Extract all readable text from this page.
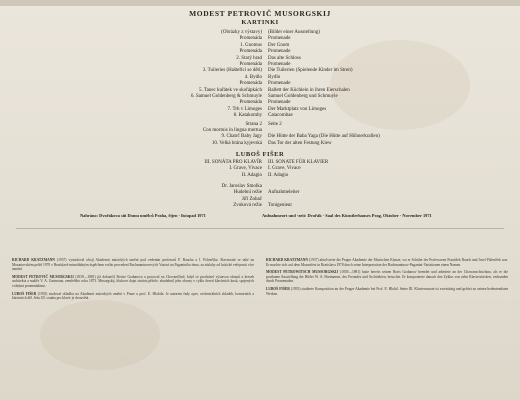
MODEST PETROVIČ MUSORGSKIJ
KARTINKI
(Obrázky z výstavy)
Promenáda
1. Gnomus
Promenáda
2. Starý hrad
Promenáda
3. Tuileries (Hašteřící se děti)
4. Bydlo
Promenáda
5. Tanec kuřátek ve skořápkách
6. Samuel Goldenberg & Schmuyle
Promenáda
7. Trh v Limoges
8. Katakomby
(Bilder einer Ausstellung)
Promenade
Der Gnom
Promenade
Das alte Schloss
Promenade
Die Tuilerien (Spielende Kinder im Streit)
Bydlo
Promenade
Ballett der Küchlein in ihren Eierschalen
Samuel Goldenberg und Schmuyle
Promenade
Der Marktplatz von Limoges
Catacombae
Strana 2
Con mortuis in lingua mortua
9. Chatrč Baby Jagy
10. Velká brána kyjevská
Seite 2

Die Hütte der Baba Yaga (Die Hütte auf Hühnerkrallen)
Das Tor der alten Festung Kiew
LUBOŠ FIŠER
III. SONÁTA PRO KLAVÍR
I. Grave, Vivace
II. Adagio
III. SONATE FÜR KLAVIER
I. Grave, Vivace
II. Adagio
Dr. Jaroslav Smolka
Hudební režie
Jiří Zobač
Zvuková režie

Aufnahmeleiter

Tonigenieur
Nahráno: Dvořákova síň Domu umělců Praha, říjen - listopad 1971	Aufnahmeort und -zeit: Dvořák - Saal des Künstlerhauses Prag, Oktober - November 1971

RICHARD KRATZMANN (1937) vystudoval obojí Akademii múzických umění pod vedením profesorů F. Raucha a I. Polenčíka. Slavnostní se také na Mozartovském poště 1970 v Bratislavě mimořádným úspěchem svého provedení Rachmaninovových Variací na Paganiniho téma, za zásluhy od kritické veřejnosti více uznání.

MODEST PETROVIČ MUSORGSKIJ (1839—1881) již dokončil Borise Godunova a pracoval na Chovanščině, když se procházel výstavou obrazů a kreseb architekta a malíře V. A. Gartmana, zemřelého roku 1873. Musorgskij, hluboce dojat ztrátou přítele, zhudebnil jeho obrazy v cyklu deseti klavírních kusů, spojených volnými promenádami.

LUBOŠ FIŠER (1935) studoval skladbu na Akademii múzických umění v Praze u prof. E. Hlobila. Je autorem řady oper, orchestrálních skladeb, komorních a klavírních děl. Jeho III. sonáta pro klavír je dvouvětá.

RICHARD KRATZMANN (1937) absolvierte die Prager Akademie der Musischen Künste, wo er Schüler der Professoren František Rauch und Josef Páleníček war. Er machte sich auf dem Mozartfest in Bratislava 1970 durch seine Interpretation der Rachmaninow-Paganini-Variationen einen Namen.

MODEST PETROWITSCH MUSSORGSKIJ (1839—1881) hatte bereits seinen Boris Godunow beendet und arbeitete an der Chowanschtschina, als er die posthume Ausstellung der Bilder W. A. Hartmanns, des Freundes und Architekten, besuchte. Er komponierte danach den Zyklus von zehn Klavierstücken, verbunden durch Promenaden.

LUBOŠ FIŠER (1935) studierte Komposition an der Prager Akademie bei Prof. E. Hlobil. Seine III. Klaviersonate ist zweisätzig und gehört zu seinen bedeutendsten Werken.
